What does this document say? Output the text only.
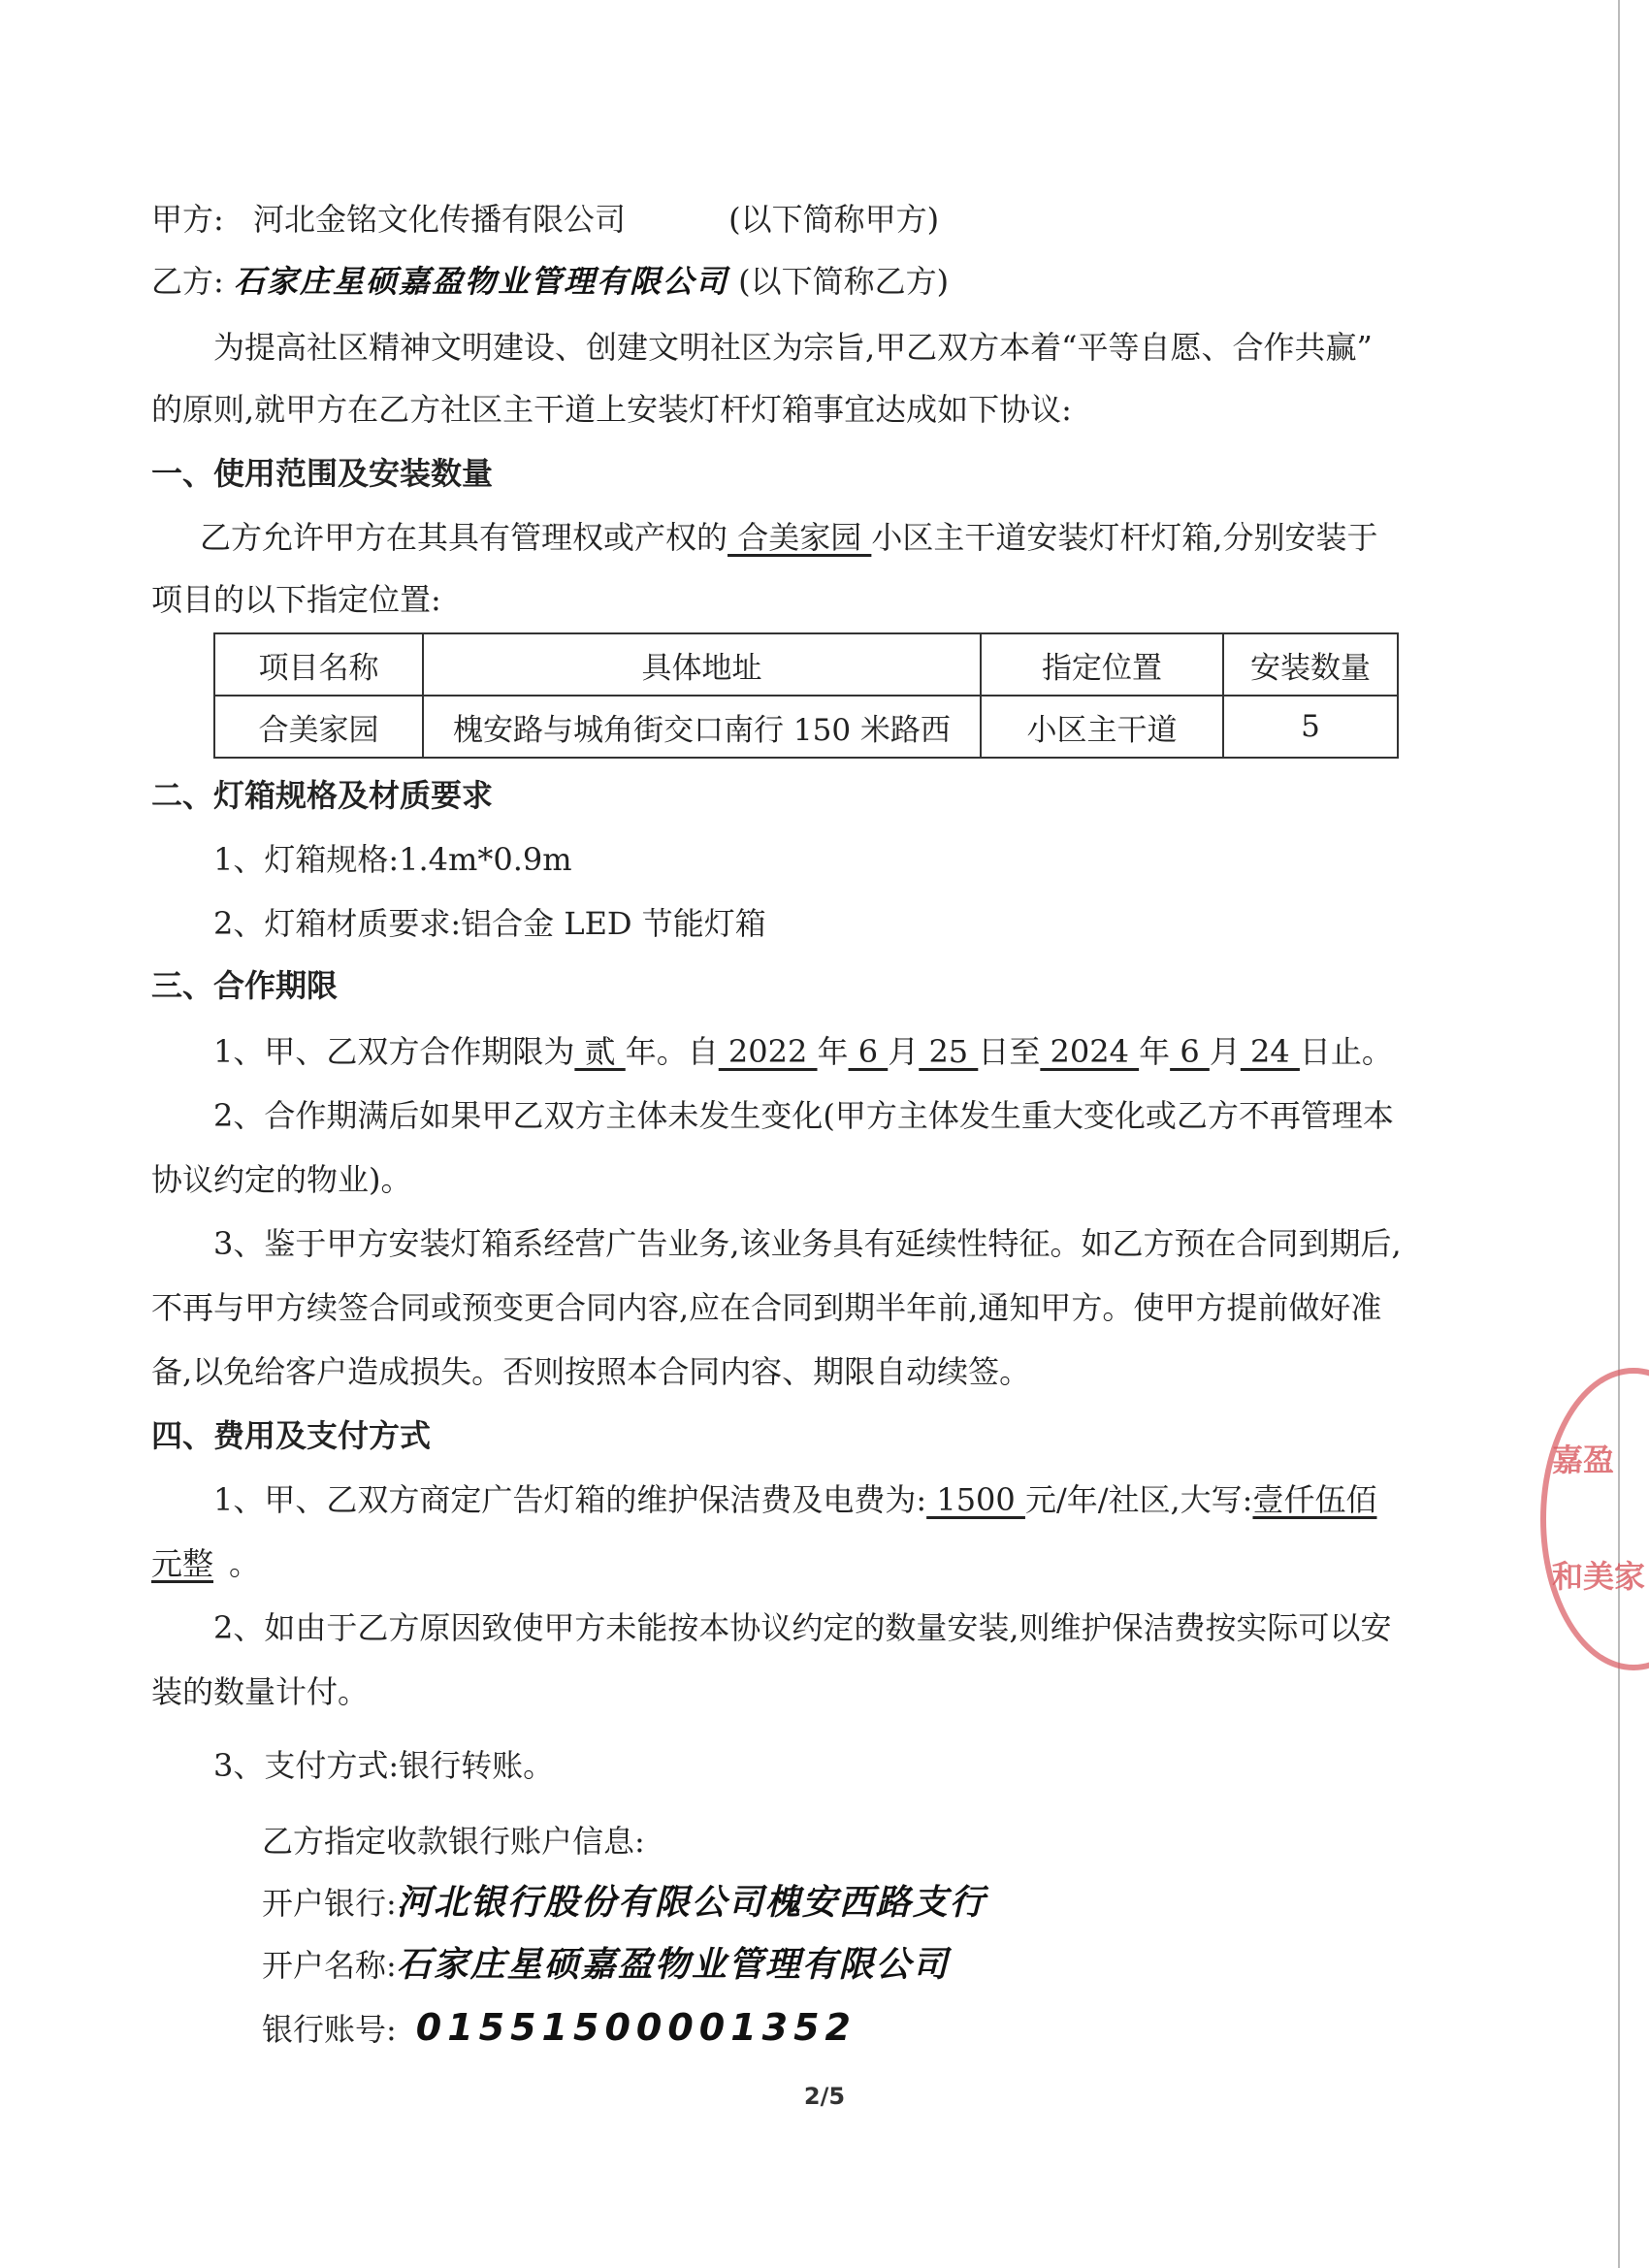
甲方: 河北金铭文化传播有限公司	(以下简称甲方)
乙方: 石家庄星硕嘉盈物业管理有限公司 (以下简称乙方)
为提高社区精神文明建设、创建文明社区为宗旨,甲乙双方本着“平等自愿、合作共赢”
的原则,就甲方在乙方社区主干道上安装灯杆灯箱事宜达成如下协议:
一、使用范围及安装数量
乙方允许甲方在其具有管理权或产权的 合美家园 小区主干道安装灯杆灯箱,分别安装于
项目的以下指定位置:
项目名称	具体地址	指定位置	安装数量
合美家园	槐安路与城角街交口南行 150 米路西	小区主干道	5
二、灯箱规格及材质要求
1、灯箱规格:1.4m*0.9m
2、灯箱材质要求:铝合金 LED 节能灯箱
三、合作期限
1、甲、乙双方合作期限为 贰 年。自 2022 年 6 月 25 日至 2024 年 6 月 24 日止。
2、合作期满后如果甲乙双方主体未发生变化(甲方主体发生重大变化或乙方不再管理本
协议约定的物业)。
3、鉴于甲方安装灯箱系经营广告业务,该业务具有延续性特征。如乙方预在合同到期后,
不再与甲方续签合同或预变更合同内容,应在合同到期半年前,通知甲方。使甲方提前做好准
备,以免给客户造成损失。否则按照本合同内容、期限自动续签。
四、费用及支付方式
1、甲、乙双方商定广告灯箱的维护保洁费及电费为: 1500 元/年/社区,大写:壹仟伍佰
元整 。
2、如由于乙方原因致使甲方未能按本协议约定的数量安装,则维护保洁费按实际可以安
装的数量计付。
3、支付方式:银行转账。
乙方指定收款银行账户信息:
开户银行:河北银行股份有限公司槐安西路支行
开户名称:石家庄星硕嘉盈物业管理有限公司
银行账号: 01551500001352
2/5
嘉盈
和美家
